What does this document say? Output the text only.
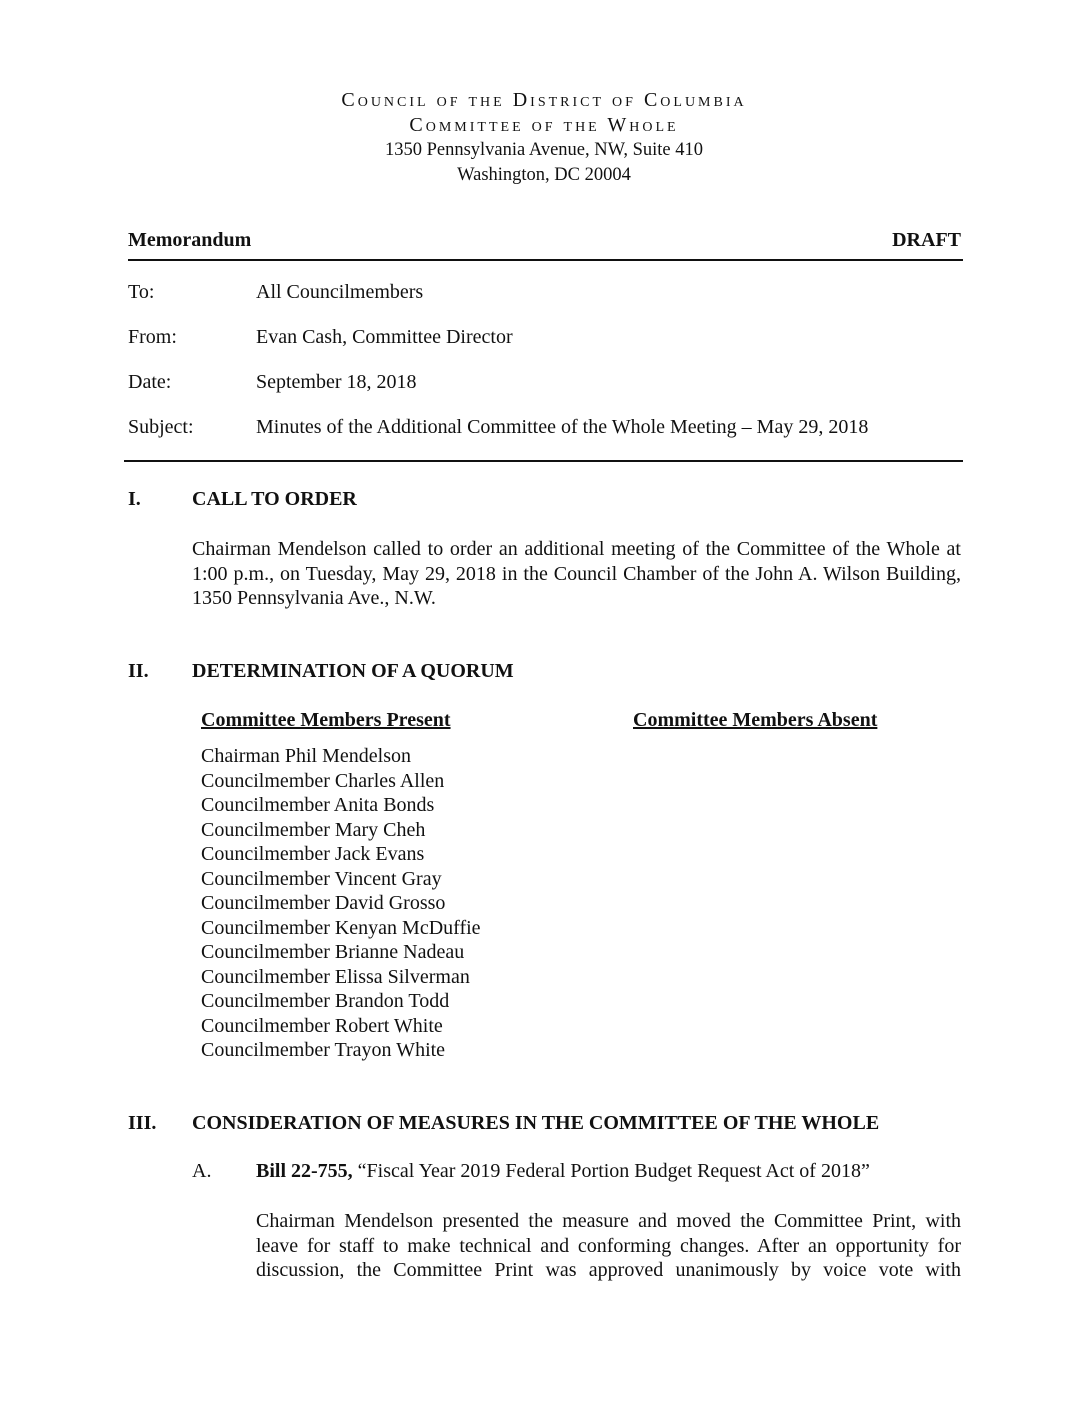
Council of the District of Columbia
Committee of the Whole
1350 Pennsylvania Avenue, NW, Suite 410
Washington, DC 20004
Memorandum	DRAFT
To:	All Councilmembers
From:	Evan Cash, Committee Director
Date:	September 18, 2018
Subject:	Minutes of the Additional Committee of the Whole Meeting – May 29, 2018
I.	CALL TO ORDER
Chairman Mendelson called to order an additional meeting of the Committee of the Whole at 1:00 p.m., on Tuesday, May 29, 2018 in the Council Chamber of the John A. Wilson Building, 1350 Pennsylvania Ave., N.W.
II. DETERMINATION OF A QUORUM
Committee Members Present	Committee Members Absent
Chairman Phil Mendelson
Councilmember Charles Allen
Councilmember Anita Bonds
Councilmember Mary Cheh
Councilmember Jack Evans
Councilmember Vincent Gray
Councilmember David Grosso
Councilmember Kenyan McDuffie
Councilmember Brianne Nadeau
Councilmember Elissa Silverman
Councilmember Brandon Todd
Councilmember Robert White
Councilmember Trayon White
III. CONSIDERATION OF MEASURES IN THE COMMITTEE OF THE WHOLE
A. Bill 22-755, “Fiscal Year 2019 Federal Portion Budget Request Act of 2018”
Chairman Mendelson presented the measure and moved the Committee Print, with leave for staff to make technical and conforming changes. After an opportunity for discussion, the Committee Print was approved unanimously by voice vote with
